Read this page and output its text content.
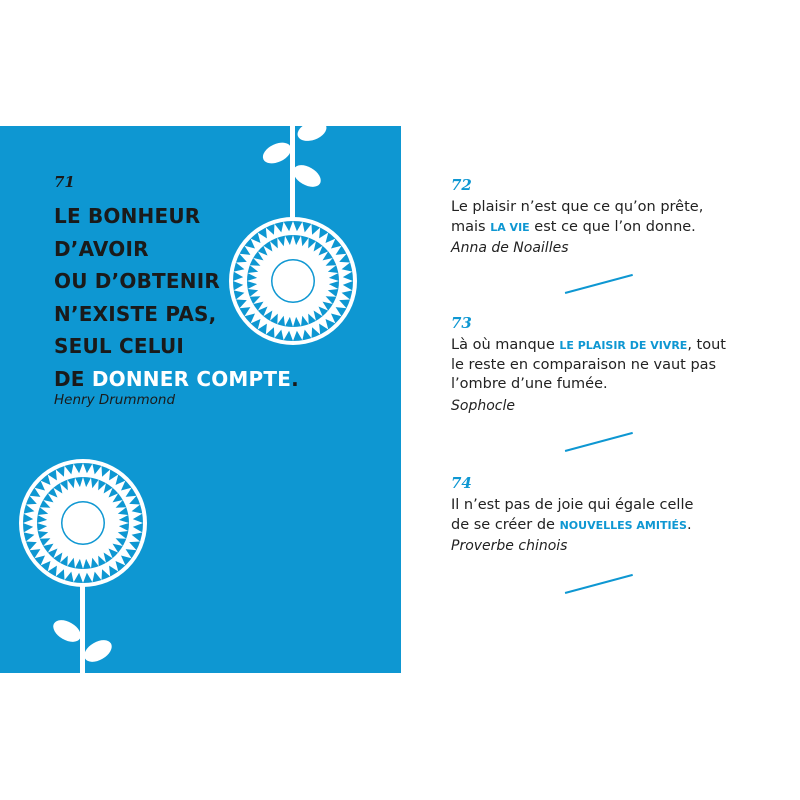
71
LE BONHEUR
D’AVOIR
OU D’OBTENIR
N’EXISTE PAS,
SEUL CELUI
DE DONNER COMPTE.
Henry Drummond
72
Le plaisir n’est que ce qu’on prête, mais LA VIE est ce que l’on donne.
Anna de Noailles
73
Là où manque LE PLAISIR DE VIVRE, tout le reste en comparaison ne vaut pas l’ombre d’une fumée.
Sophocle
74
Il n’est pas de joie qui égale celle de se créer de NOUVELLES AMITIÉS.
Proverbe chinois
